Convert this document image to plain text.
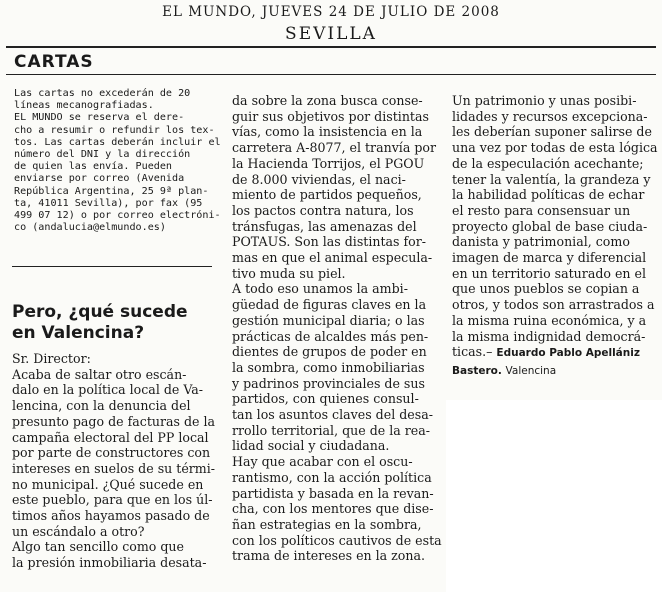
EL MUNDO, JUEVES 24 DE JULIO DE 2008
SEVILLA
CARTAS
Las cartas no excederán de 20
líneas mecanografiadas.
EL MUNDO se reserva el dere-
cho a resumir o refundir los tex-
tos. Las cartas deberán incluir el
número del DNI y la dirección
de quien las envía. Pueden
enviarse por correo (Avenida
República Argentina, 25 9ª plan-
ta, 41011 Sevilla), por fax (95
499 07 12) o por correo electróni-
co (andalucia@elmundo.es)
Pero, ¿qué sucede
en Valencina?
Sr. Director:
Acaba de saltar otro escán-
dalo en la política local de Va-
lencina, con la denuncia del
presunto pago de facturas de la
campaña electoral del PP local
por parte de constructores con
intereses en suelos de su térmi-
no municipal. ¿Qué sucede en
este pueblo, para que en los úl-
timos años hayamos pasado de
un escándalo a otro?
Algo tan sencillo como que
la presión inmobiliaria desata-
da sobre la zona busca conse-
guir sus objetivos por distintas
vías, como la insistencia en la
carretera A-8077, el tranvía por
la Hacienda Torrijos, el PGOU
de 8.000 viviendas, el naci-
miento de partidos pequeños,
los pactos contra natura, los
tránsfugas, las amenazas del
POTAUS. Son las distintas for-
mas en que el animal especula-
tivo muda su piel.
A todo eso unamos la ambi-
güedad de figuras claves en la
gestión municipal diaria; o las
prácticas de alcaldes más pen-
dientes de grupos de poder en
la sombra, como inmobiliarias
y padrinos provinciales de sus
partidos, con quienes consul-
tan los asuntos claves del desa-
rrollo territorial, que de la rea-
lidad social y ciudadana.
Hay que acabar con el oscu-
rantismo, con la acción política
partidista y basada en la revan-
cha, con los mentores que dise-
ñan estrategias en la sombra,
con los políticos cautivos de esta
trama de intereses en la zona.
Un patrimonio y unas posibi-
lidades y recursos excepciona-
les deberían suponer salirse de
una vez por todas de esta lógica
de la especulación acechante;
tener la valentía, la grandeza y
la habilidad políticas de echar
el resto para consensuar un
proyecto global de base ciuda-
danista y patrimonial, como
imagen de marca y diferencial
en un territorio saturado en el
que unos pueblos se copian a
otros, y todos son arrastrados a
la misma ruina económica, y a
la misma indignidad democrá-
ticas.– Eduardo Pablo Apellániz
Bastero. Valencina
